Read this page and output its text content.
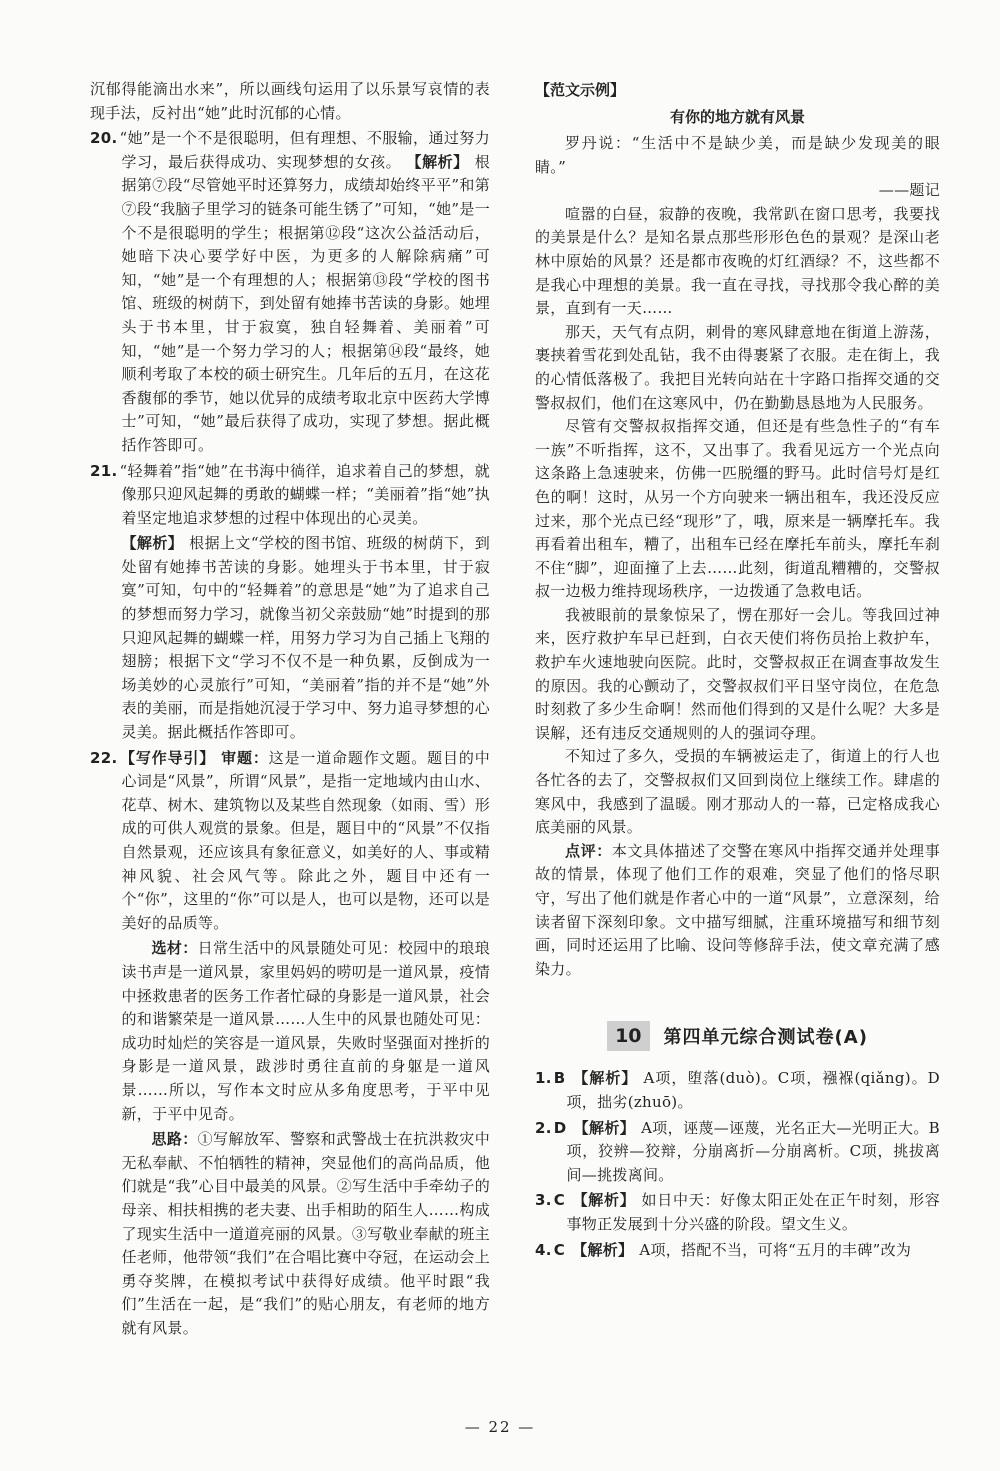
沉郁得能滴出水来”，所以画线句运用了以乐景写哀情的表现手法，反衬出“她”此时沉郁的心情。

20. “她”是一个不是很聪明，但有理想、不服输，通过努力学习，最后获得成功、实现梦想的女孩。 【解析】 根据第⑦段“尽管她平时还算努力，成绩却始终平平”和第⑦段“我脑子里学习的链条可能生锈了”可知，“她”是一个不是很聪明的学生；根据第⑫段“这次公益活动后，她暗下决心要学好中医，为更多的人解除病痛”可知，“她”是一个有理想的人；根据第⑬段“学校的图书馆、班级的树荫下，到处留有她捧书苦读的身影。她埋头于书本里，甘于寂寞，独自轻舞着、美丽着”可知，“她”是一个努力学习的人；根据第⑭段“最终，她顺利考取了本校的硕士研究生。几年后的五月，在这花香馥郁的季节，她以优异的成绩考取北京中医药大学博士”可知，“她”最后获得了成功，实现了梦想。据此概括作答即可。

21. “轻舞着”指“她”在书海中徜徉，追求着自己的梦想，就像那只迎风起舞的勇敢的蝴蝶一样；“美丽着”指“她”执着坚定地追求梦想的过程中体现出的心灵美。

【解析】 根据上文“学校的图书馆、班级的树荫下，到处留有她捧书苦读的身影。她埋头于书本里，甘于寂寞”可知，句中的“轻舞着”的意思是“她”为了追求自己的梦想而努力学习，就像当初父亲鼓励“她”时提到的那只迎风起舞的蝴蝶一样，用努力学习为自己插上飞翔的翅膀；根据下文“学习不仅不是一种负累，反倒成为一场美妙的心灵旅行”可知，“美丽着”指的并不是“她”外表的美丽，而是指她沉浸于学习中、努力追寻梦想的心灵美。据此概括作答即可。

22. 【写作导引】 审题：这是一道命题作文题。题目的中心词是“风景”，所谓“风景”，是指一定地域内由山水、花草、树木、建筑物以及某些自然现象（如雨、雪）形成的可供人观赏的景象。但是，题目中的“风景”不仅指自然景观，还应该具有象征意义，如美好的人、事或精神风貌、社会风气等。除此之外，题目中还有一个“你”，这里的“你”可以是人，也可以是物，还可以是美好的品质等。

选材：日常生活中的风景随处可见：校园中的琅琅读书声是一道风景，家里妈妈的唠叨是一道风景，疫情中拯救患者的医务工作者忙碌的身影是一道风景，社会的和谐繁荣是一道风景……人生中的风景也随处可见：成功时灿烂的笑容是一道风景，失败时坚强面对挫折的身影是一道风景，跋涉时勇往直前的身躯是一道风景……所以，写作本文时应从多角度思考，于平中见新，于平中见奇。

思路：①写解放军、警察和武警战士在抗洪救灾中无私奉献、不怕牺牲的精神，突显他们的高尚品质，他们就是“我”心目中最美的风景。②写生活中手牵幼子的母亲、相扶相携的老夫妻、出手相助的陌生人……构成了现实生活中一道道亮丽的风景。③写敬业奉献的班主任老师，他带领“我们”在合唱比赛中夺冠，在运动会上勇夺奖牌，在模拟考试中获得好成绩。他平时跟“我们”生活在一起，是“我们”的贴心朋友，有老师的地方就有风景。

【范文示例】
有你的地方就有风景

罗丹说：“生活中不是缺少美，而是缺少发现美的眼睛。”

——题记

喧嚣的白昼，寂静的夜晚，我常趴在窗口思考，我要找的美景是什么？是知名景点那些形形色色的景观？是深山老林中原始的风景？还是都市夜晚的灯红酒绿？不，这些都不是我心中理想的美景。我一直在寻找，寻找那令我心醉的美景，直到有一天……

那天，天气有点阴，刺骨的寒风肆意地在街道上游荡，裹挟着雪花到处乱钻，我不由得裹紧了衣服。走在街上，我的心情低落极了。我把目光转向站在十字路口指挥交通的交警叔叔们，他们在这寒风中，仍在勤勤恳恳地为人民服务。

尽管有交警叔叔指挥交通，但还是有些急性子的“有车一族”不听指挥，这不，又出事了。我看见远方一个光点向这条路上急速驶来，仿佛一匹脱缰的野马。此时信号灯是红色的啊！这时，从另一个方向驶来一辆出租车，我还没反应过来，那个光点已经“现形”了，哦，原来是一辆摩托车。我再看着出租车，糟了，出租车已经在摩托车前头，摩托车刹不住“脚”，迎面撞了上去……此刻，街道乱糟糟的，交警叔叔一边极力维持现场秩序，一边拨通了急救电话。

我被眼前的景象惊呆了，愣在那好一会儿。等我回过神来，医疗救护车早已赶到，白衣天使们将伤员抬上救护车，救护车火速地驶向医院。此时，交警叔叔正在调查事故发生的原因。我的心颤动了，交警叔叔们平日坚守岗位，在危急时刻救了多少生命啊！然而他们得到的又是什么呢？大多是误解，还有违反交通规则的人的强词夺理。

不知过了多久，受损的车辆被运走了，街道上的行人也各忙各的去了，交警叔叔们又回到岗位上继续工作。肆虐的寒风中，我感到了温暖。刚才那动人的一幕，已定格成我心底美丽的风景。

点评：本文具体描述了交警在寒风中指挥交通并处理事故的情景，体现了他们工作的艰难，突显了他们的恪尽职守，写出了他们就是作者心中的一道“风景”，立意深刻，给读者留下深刻印象。文中描写细腻，注重环境描写和细节刻画，同时还运用了比喻、设问等修辞手法，使文章充满了感染力。

10	第四单元综合测试卷(A)

1. B 【解析】 A项，堕落(duò)。C项，襁褓(qiǎng)。D项，拙劣(zhuō)。

2. D 【解析】 A项，诬蔑—诬蔑，光名正大—光明正大。B项，狡辨—狡辩，分崩离折—分崩离析。C项，挑拔离间—挑拨离间。

3. C 【解析】 如日中天：好像太阳正处在正午时刻，形容事物正发展到十分兴盛的阶段。望文生义。

4. C 【解析】 A项，搭配不当，可将“五月的丰碑”改为

— 22 —
